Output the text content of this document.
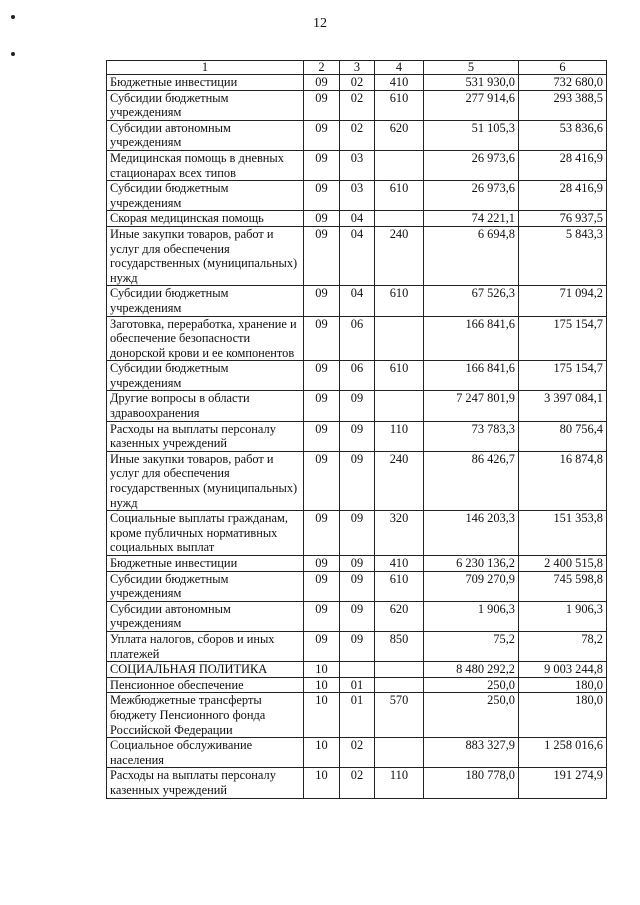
12
1	2	3	4	5	6
Бюджетные инвестиции	09	02	410	531 930,0	732 680,0
Субсидии бюджетным учреждениям	09	02	610	277 914,6	293 388,5
Субсидии автономным учреждениям	09	02	620	51 105,3	53 836,6
Медицинская помощь в дневных стационарах всех типов	09	03		26 973,6	28 416,9
Субсидии бюджетным учреждениям	09	03	610	26 973,6	28 416,9
Скорая медицинская помощь	09	04		74 221,1	76 937,5
Иные закупки товаров, работ и услуг для обеспечения государственных (муниципальных) нужд	09	04	240	6 694,8	5 843,3
Субсидии бюджетным учреждениям	09	04	610	67 526,3	71 094,2
Заготовка, переработка, хранение и обеспечение безопасности донорской крови и ее компонентов	09	06		166 841,6	175 154,7
Субсидии бюджетным учреждениям	09	06	610	166 841,6	175 154,7
Другие вопросы в области здравоохранения	09	09		7 247 801,9	3 397 084,1
Расходы на выплаты персоналу казенных учреждений	09	09	110	73 783,3	80 756,4
Иные закупки товаров, работ и услуг для обеспечения государственных (муниципальных) нужд	09	09	240	86 426,7	16 874,8
Социальные выплаты гражданам, кроме публичных нормативных социальных выплат	09	09	320	146 203,3	151 353,8
Бюджетные инвестиции	09	09	410	6 230 136,2	2 400 515,8
Субсидии бюджетным учреждениям	09	09	610	709 270,9	745 598,8
Субсидии автономным учреждениям	09	09	620	1 906,3	1 906,3
Уплата налогов, сборов и иных платежей	09	09	850	75,2	78,2
СОЦИАЛЬНАЯ ПОЛИТИКА	10			8 480 292,2	9 003 244,8
Пенсионное обеспечение	10	01		250,0	180,0
Межбюджетные трансферты бюджету Пенсионного фонда Российской Федерации	10	01	570	250,0	180,0
Социальное обслуживание населения	10	02		883 327,9	1 258 016,6
Расходы на выплаты персоналу казенных учреждений	10	02	110	180 778,0	191 274,9
